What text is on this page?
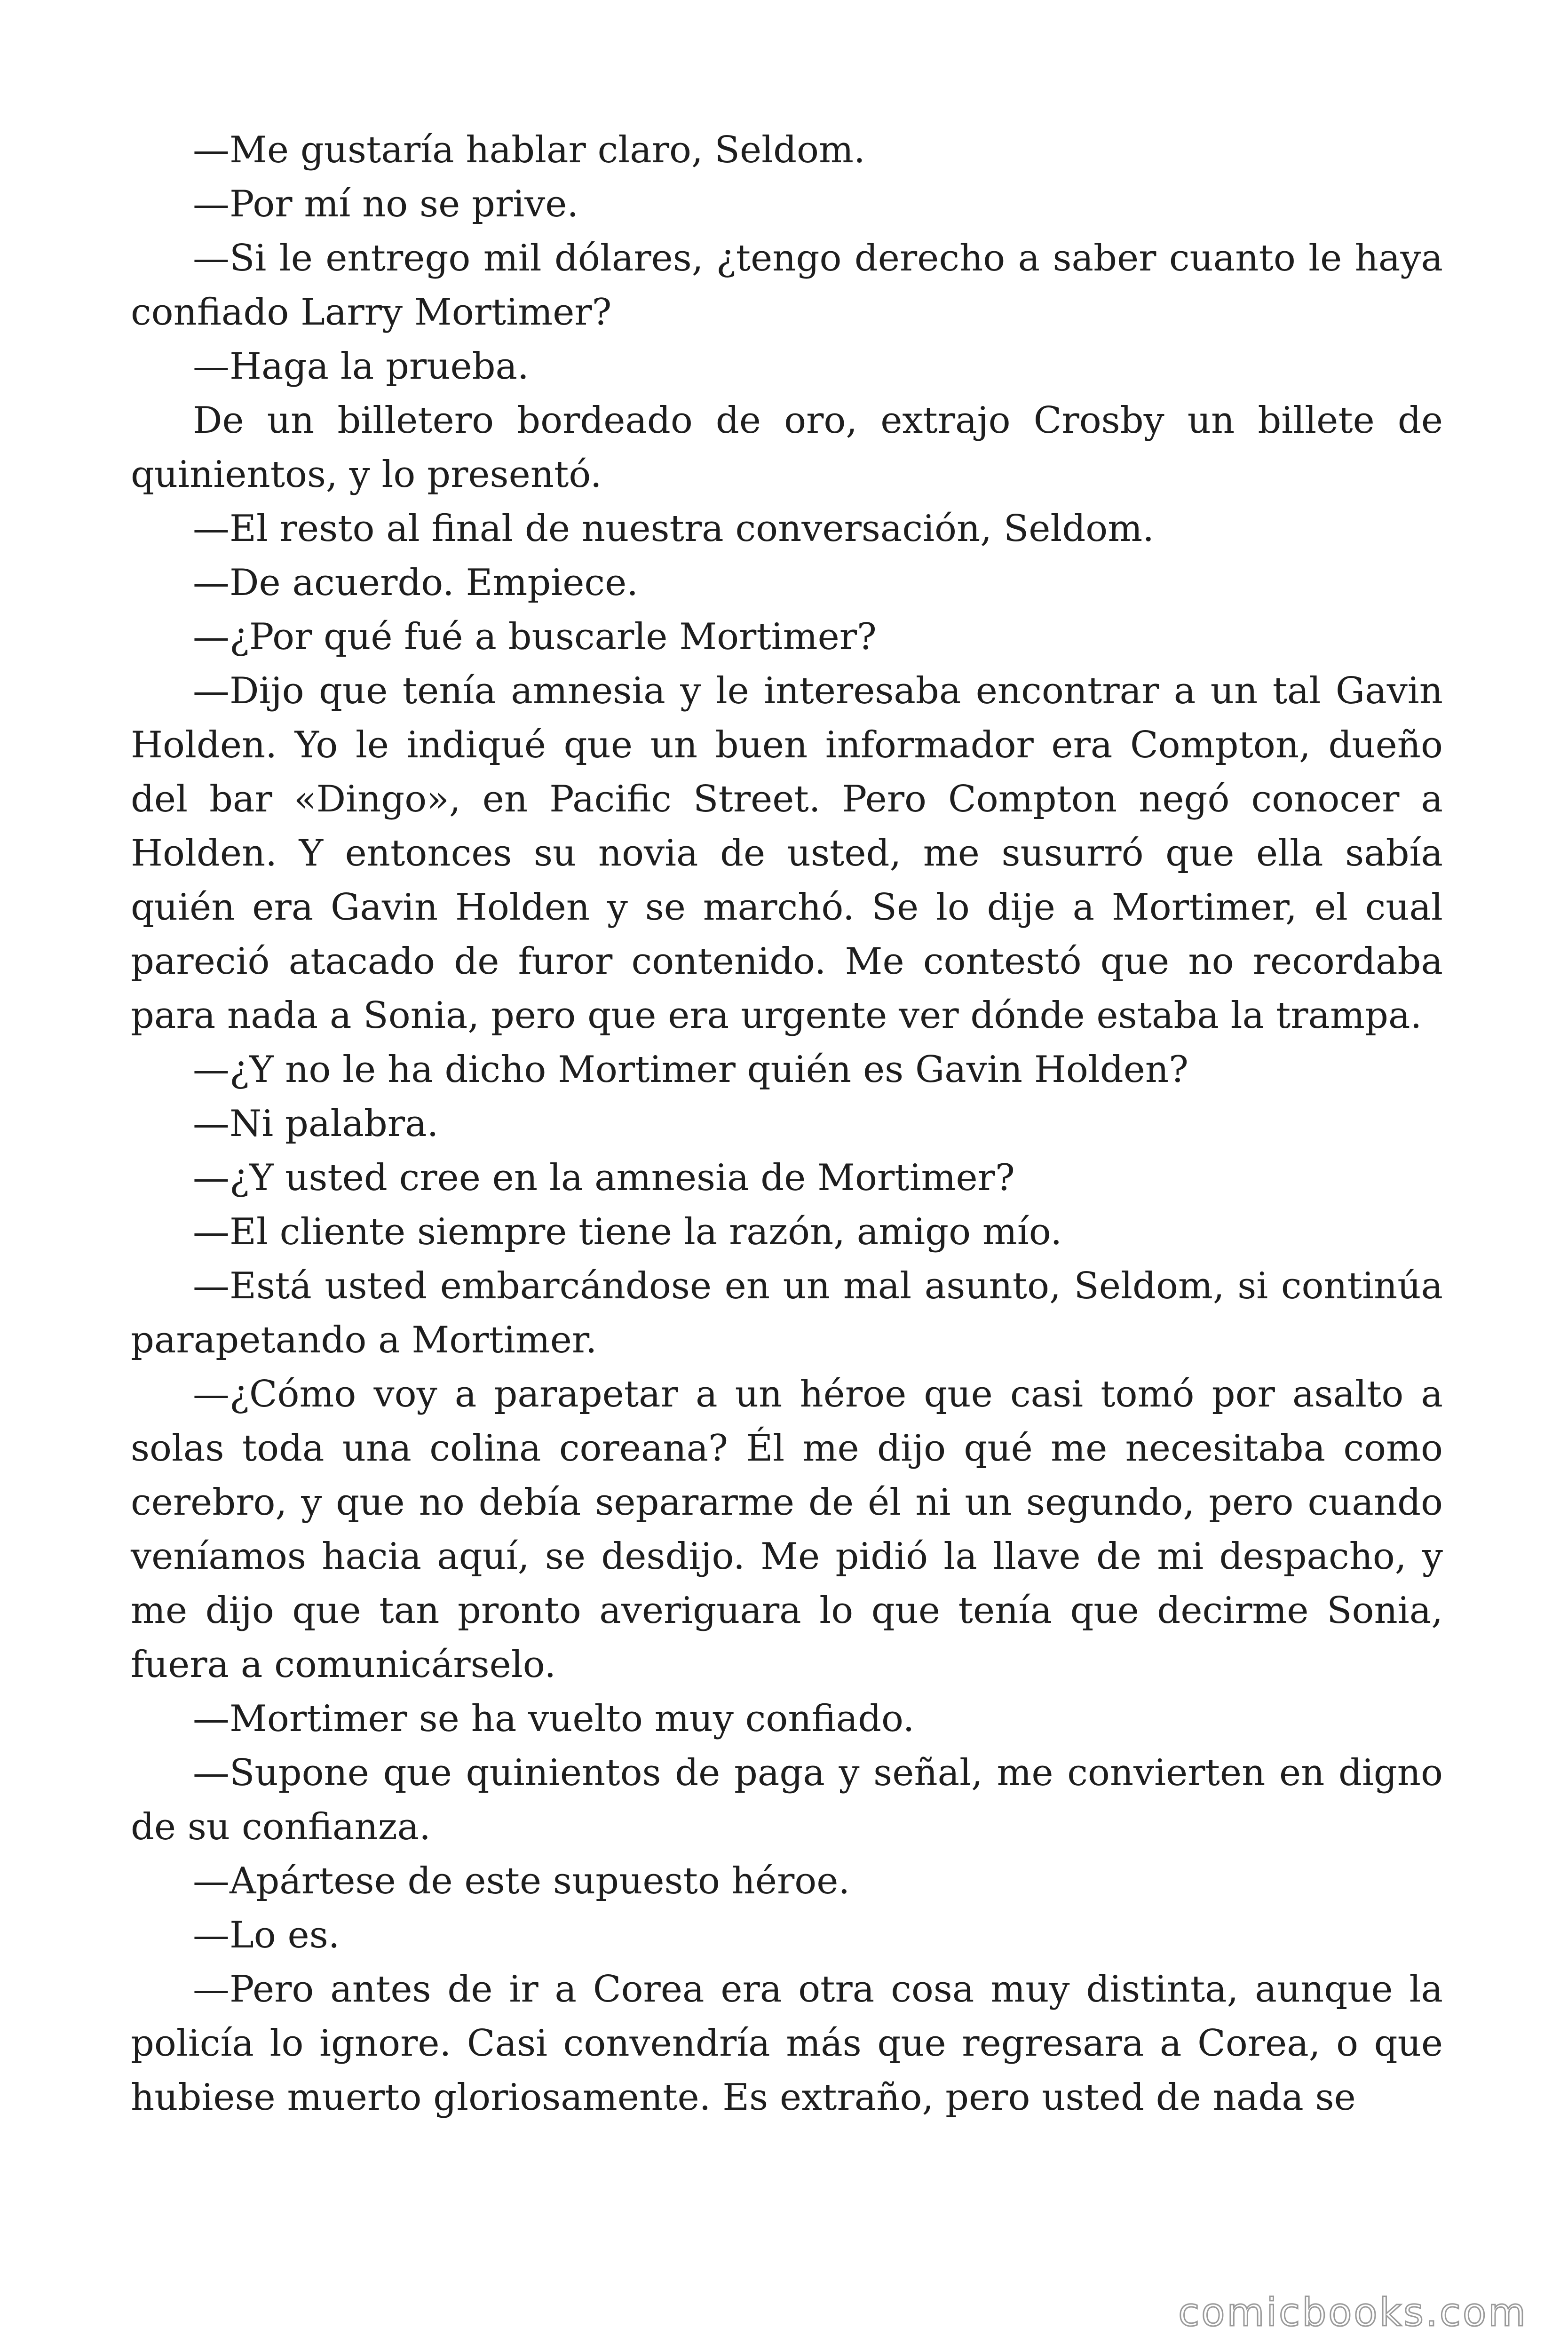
—Me gustaría hablar claro, Seldom.

—Por mí no se prive.

—Si le entrego mil dólares, ¿tengo derecho a saber cuanto le haya confiado Larry Mortimer?

—Haga la prueba.

De un billetero bordeado de oro, extrajo Crosby un billete de quinientos, y lo presentó.

—El resto al final de nuestra conversación, Seldom.

—De acuerdo. Empiece.

—¿Por qué fué a buscarle Mortimer?

—Dijo que tenía amnesia y le interesaba encontrar a un tal Gavin Holden. Yo le indiqué que un buen informador era Compton, dueño del bar «Dingo», en Pacific Street. Pero Compton negó conocer a Holden. Y entonces su novia de usted, me susurró que ella sabía quién era Gavin Holden y se marchó. Se lo dije a Mortimer, el cual pareció atacado de furor contenido. Me contestó que no recordaba para nada a Sonia, pero que era urgente ver dónde estaba la trampa.

—¿Y no le ha dicho Mortimer quién es Gavin Holden?

—Ni palabra.

—¿Y usted cree en la amnesia de Mortimer?

—El cliente siempre tiene la razón, amigo mío.

—Está usted embarcándose en un mal asunto, Seldom, si continúa parapetando a Mortimer.

—¿Cómo voy a parapetar a un héroe que casi tomó por asalto a solas toda una colina coreana? Él me dijo qué me necesitaba como cerebro, y que no debía separarme de él ni un segundo, pero cuando veníamos hacia aquí, se desdijo. Me pidió la llave de mi despacho, y me dijo que tan pronto averiguara lo que tenía que decirme Sonia, fuera a comunicárselo.

—Mortimer se ha vuelto muy confiado.

—Supone que quinientos de paga y señal, me convierten en digno de su confianza.

—Apártese de este supuesto héroe.

—Lo es.

—Pero antes de ir a Corea era otra cosa muy distinta, aunque la policía lo ignore. Casi convendría más que regresara a Corea, o que hubiese muerto gloriosamente. Es extraño, pero usted de nada se

comicbooks.com
